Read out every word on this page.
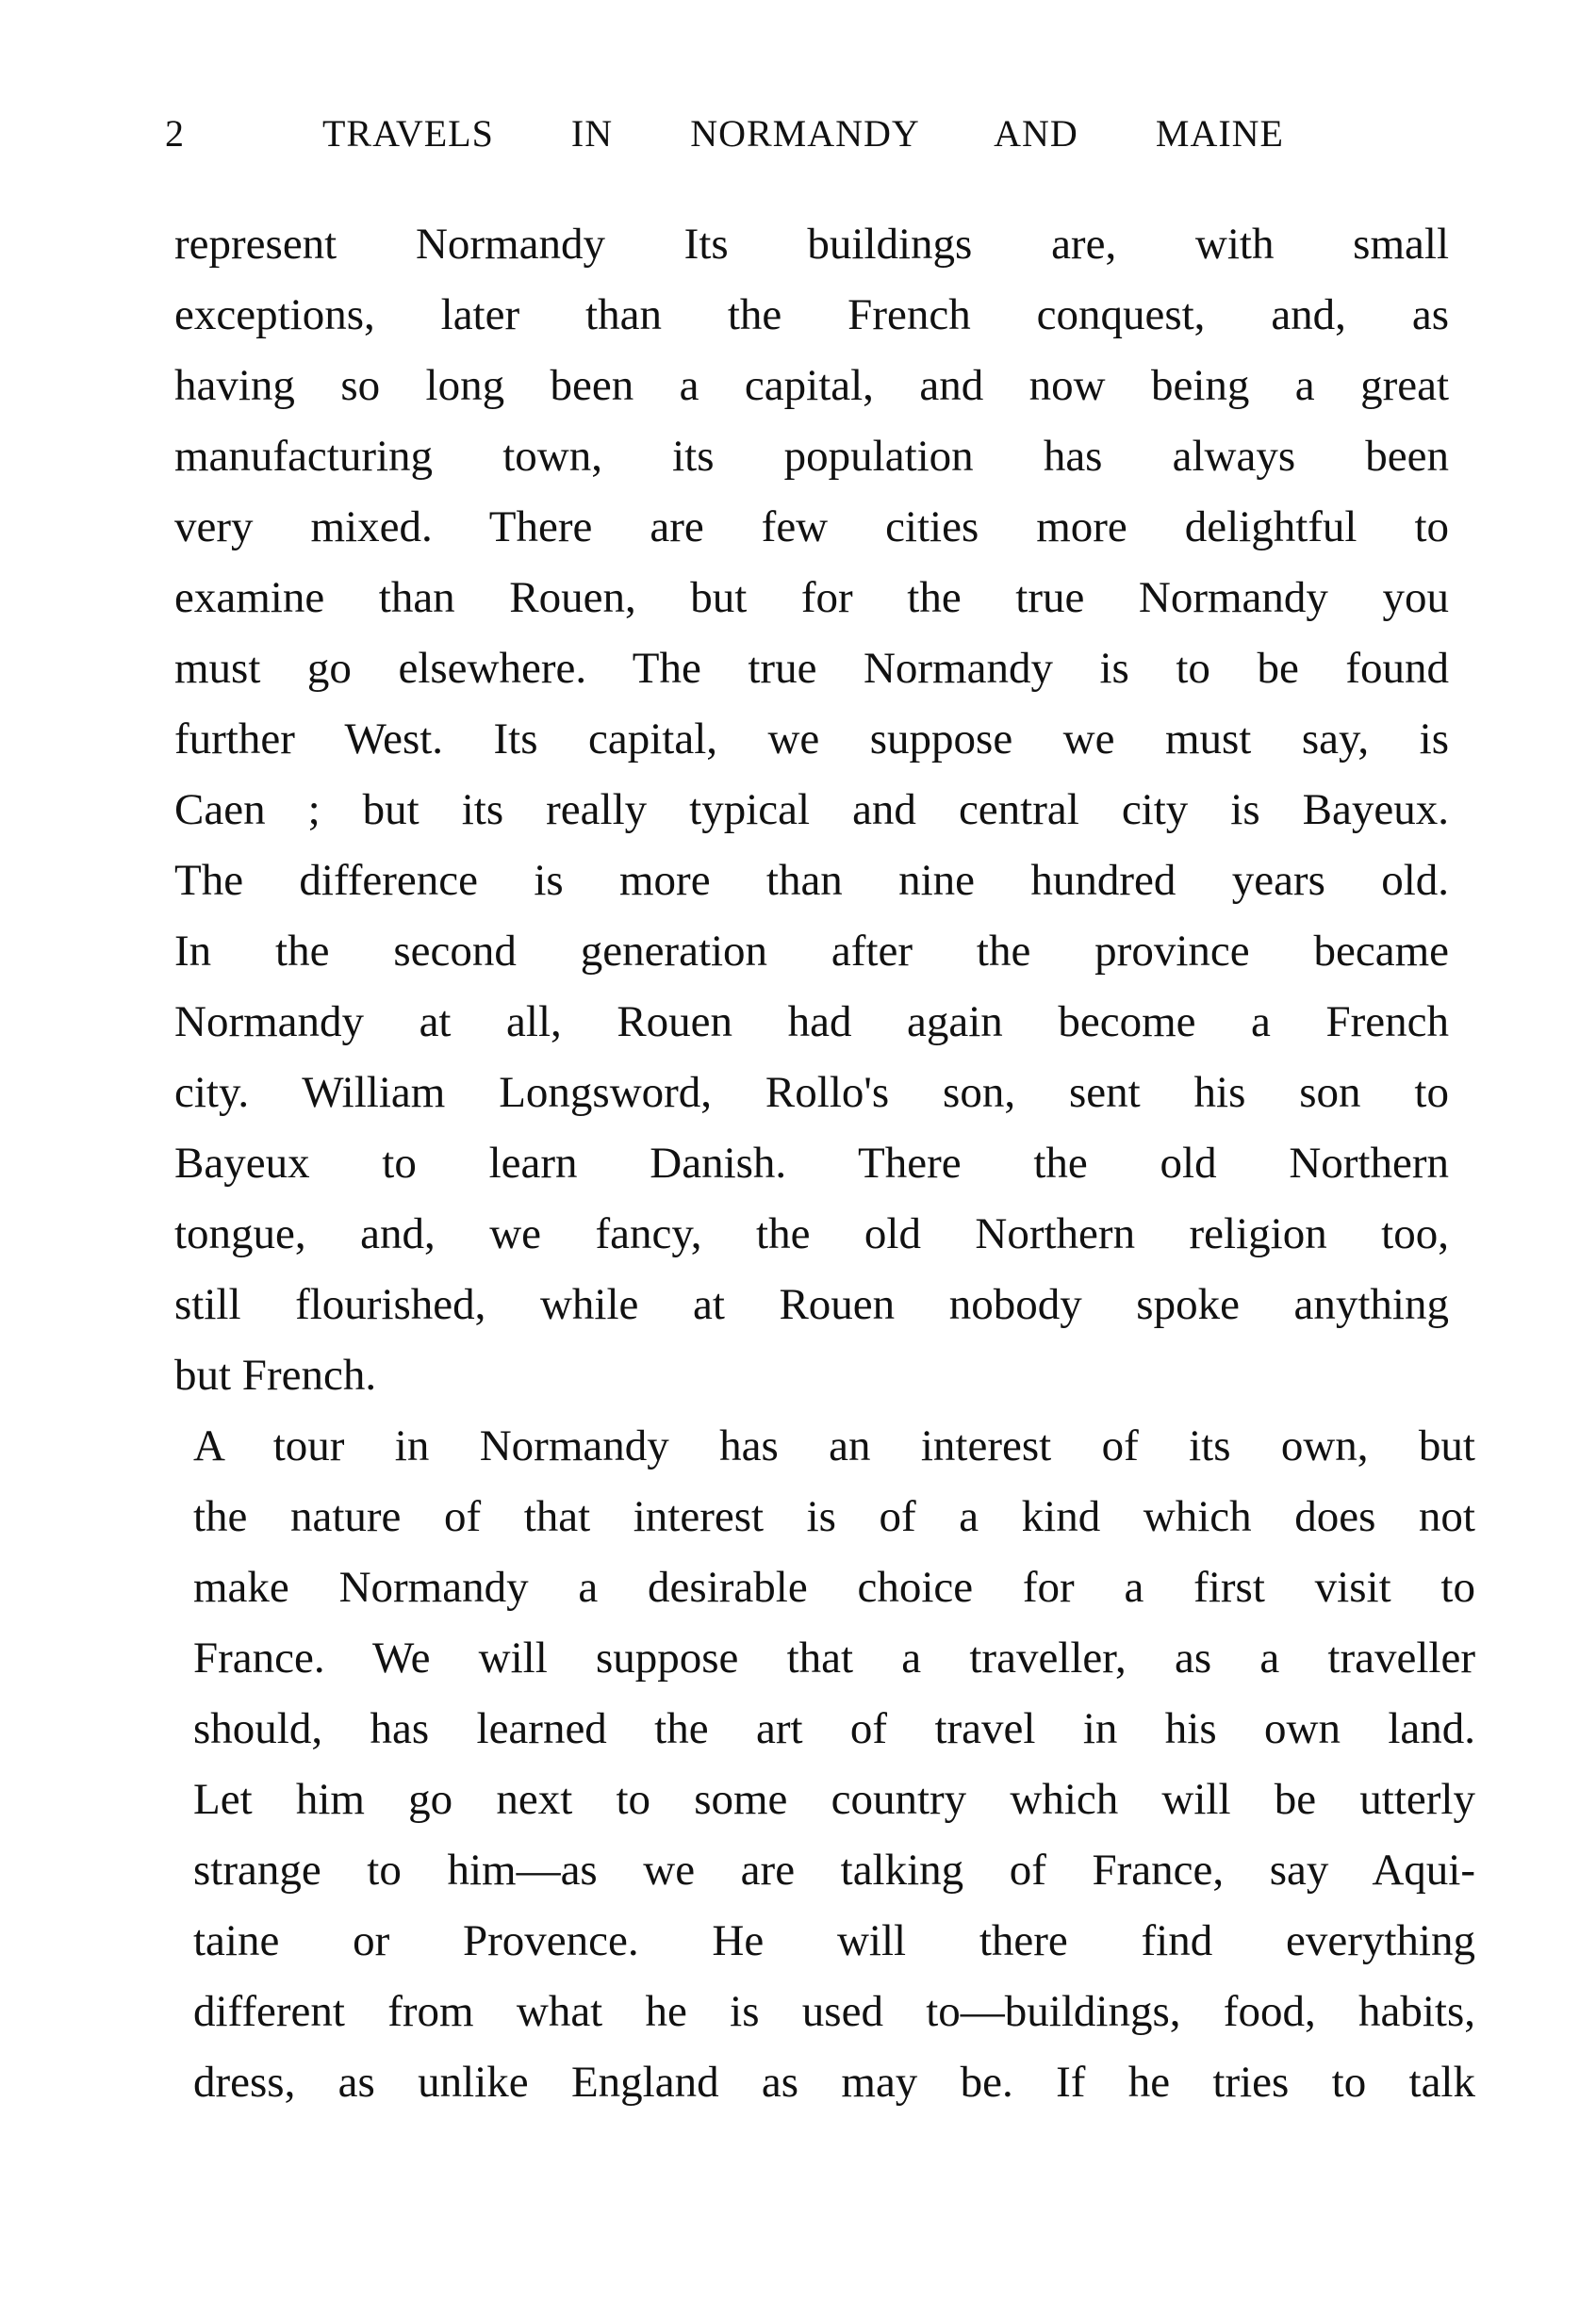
2	TRAVELS IN NORMANDY AND MAINE
represent Normandy Its buildings are, with small
exceptions, later than the French conquest, and, as
having so long been a capital, and now being a great
manufacturing town, its population has always been
very mixed. There are few cities more delightful to
examine than Rouen, but for the true Normandy you
must go elsewhere. The true Normandy is to be found
further West. Its capital, we suppose we must say, is
Caen ; but its really typical and central city is Bayeux.
The difference is more than nine hundred years old.
In the second generation after the province became
Normandy at all, Rouen had again become a French
city. William Longsword, Rollo's son, sent his son to
Bayeux to learn Danish. There the old Northern
tongue, and, we fancy, the old Northern religion too,
still flourished, while at Rouen nobody spoke anything
but French.
A tour in Normandy has an interest of its own, but
the nature of that interest is of a kind which does not
make Normandy a desirable choice for a first visit to
France. We will suppose that a traveller, as a traveller
should, has learned the art of travel in his own land.
Let him go next to some country which will be utterly
strange to him—as we are talking of France, say Aqui-
taine or Provence. He will there find everything
different from what he is used to—buildings, food, habits,
dress, as unlike England as may be. If he tries to talk
